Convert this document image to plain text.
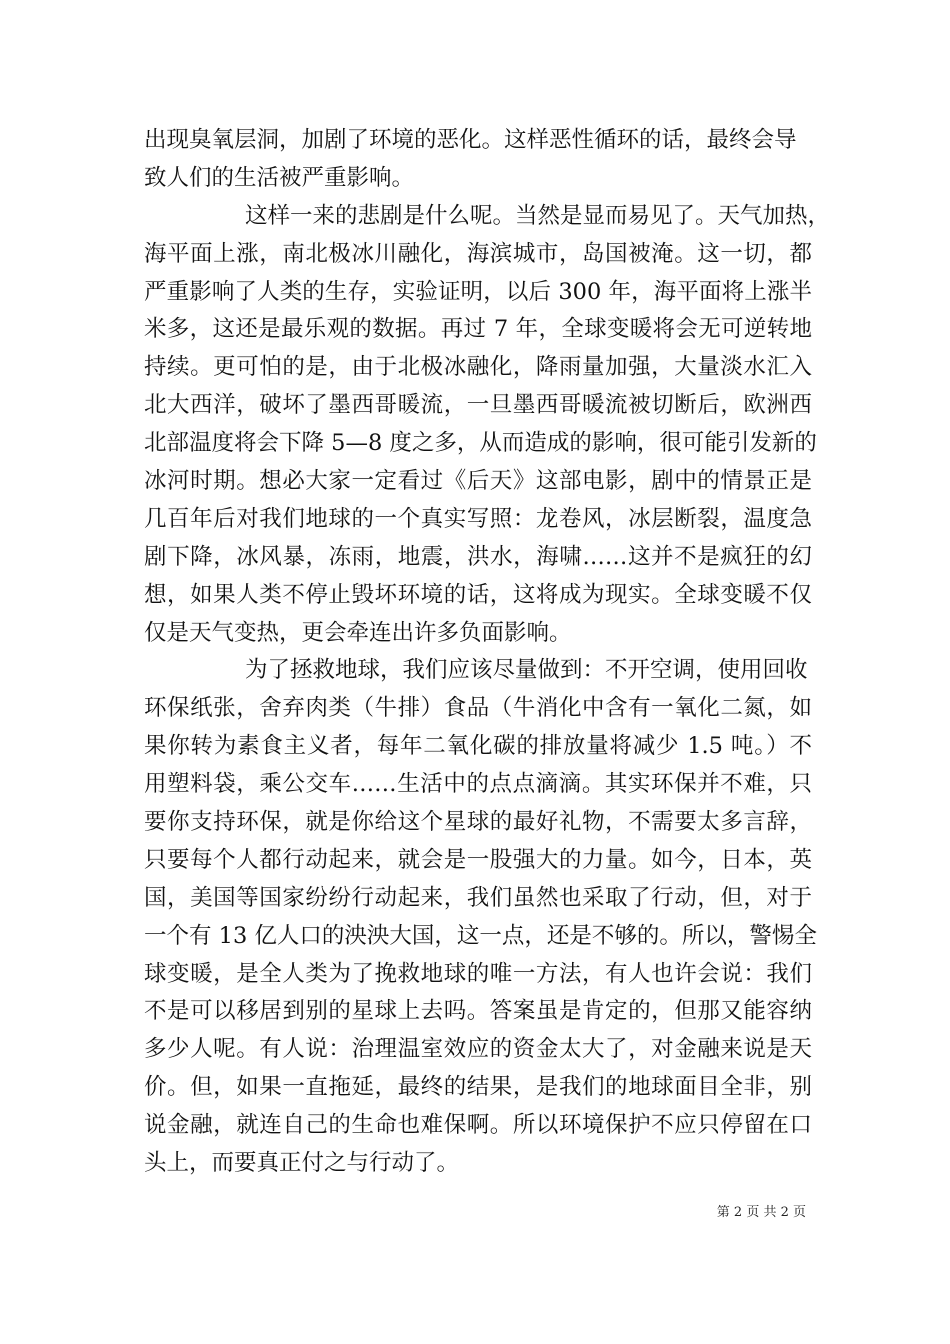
出现臭氧层洞，加剧了环境的恶化。这样恶性循环的话，最终会导
致人们的生活被严重影响。
这样一来的悲剧是什么呢。当然是显而易见了。天气加热，
海平面上涨，南北极冰川融化，海滨城市，岛国被淹。这一切，都
严重影响了人类的生存，实验证明，以后 300 年，海平面将上涨半
米多，这还是最乐观的数据。再过 7 年，全球变暖将会无可逆转地
持续。更可怕的是，由于北极冰融化，降雨量加强，大量淡水汇入
北大西洋，破坏了墨西哥暖流，一旦墨西哥暖流被切断后，欧洲西
北部温度将会下降 5—8 度之多，从而造成的影响，很可能引发新的
冰河时期。想必大家一定看过《后天》这部电影，剧中的情景正是
几百年后对我们地球的一个真实写照：龙卷风，冰层断裂，温度急
剧下降，冰风暴，冻雨，地震，洪水，海啸……这并不是疯狂的幻
想，如果人类不停止毁坏环境的话，这将成为现实。全球变暖不仅
仅是天气变热，更会牵连出许多负面影响。
为了拯救地球，我们应该尽量做到：不开空调，使用回收
环保纸张，舍弃肉类（牛排）食品（牛消化中含有一氧化二氮，如
果你转为素食主义者，每年二氧化碳的排放量将减少 1.5 吨。）不
用塑料袋，乘公交车……生活中的点点滴滴。其实环保并不难，只
要你支持环保，就是你给这个星球的最好礼物，不需要太多言辞，
只要每个人都行动起来，就会是一股强大的力量。如今，日本，英
国，美国等国家纷纷行动起来，我们虽然也采取了行动，但，对于
一个有 13 亿人口的泱泱大国，这一点，还是不够的。所以，警惕全
球变暖，是全人类为了挽救地球的唯一方法，有人也许会说：我们
不是可以移居到别的星球上去吗。答案虽是肯定的，但那又能容纳
多少人呢。有人说：治理温室效应的资金太大了，对金融来说是天
价。但，如果一直拖延，最终的结果，是我们的地球面目全非，别
说金融，就连自己的生命也难保啊。所以环境保护不应只停留在口
头上，而要真正付之与行动了。
第 2 页 共 2 页
